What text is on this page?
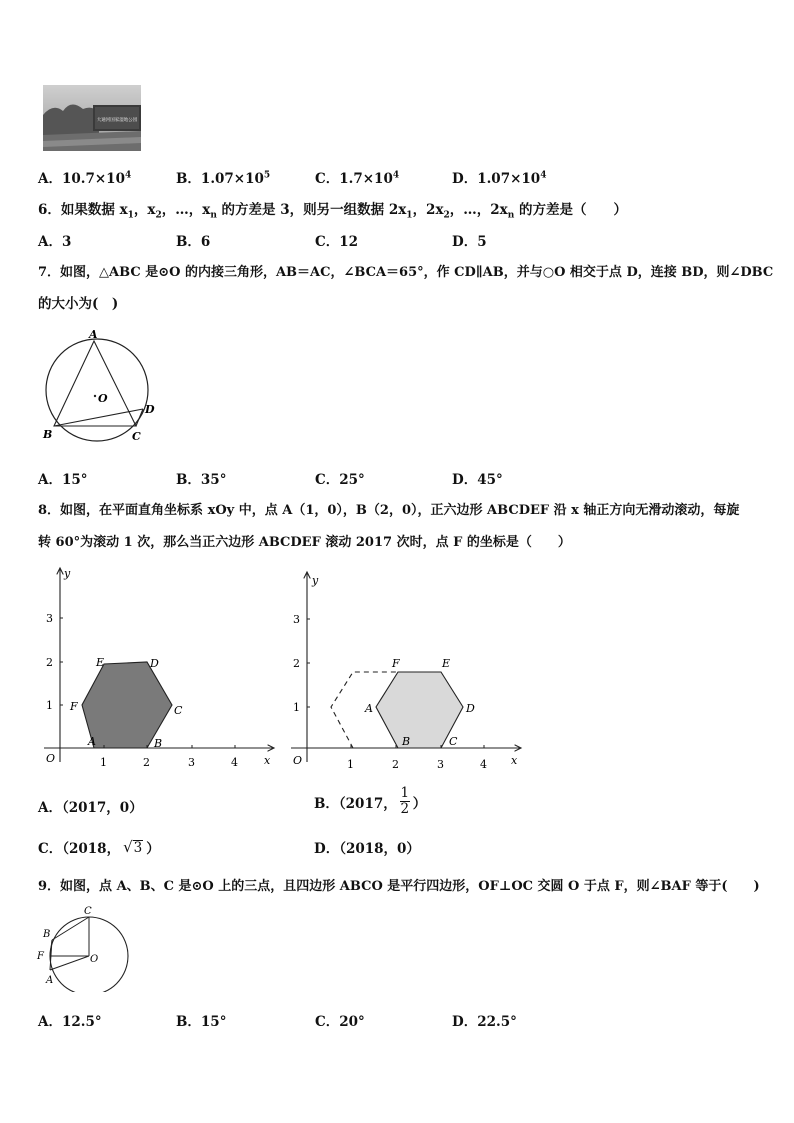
大通河国家湿地公园
A．$10.7\times 10^4$	B．$1.07\times 10^5$	C．$1.7\times 10^4$	D．$1.07\times 10^4$
6．如果数据 $x_1$，$x_2$，…，$x_n$ 的方差是 3，则另一组数据 $2x_1$，$2x_2$，…，$2x_n$ 的方差是（　　）
A．3	B．6	C．12	D．5
7．如图，△ABC 是⊙O 的内接三角形，AB＝AC，∠BCA＝65°，作 CD∥AB，并与○O 相交于点 D，连接 BD，则∠DBC
的大小为(　)
A
O
D
B	C
A．15°	B．35°	C．25°	D．45°
8．如图，在平面直角坐标系 xOy 中，点 A（1，0），B（2，0），正六边形 ABCDEF 沿 x 轴正方向无滑动滚动，每旋
转 60°为滚动 1 次，那么当正六边形 ABCDEF 滚动 2017 次时，点 F 的坐标是（　　）
y
x
O	1	2	3	4
1
2
3
A	B
C
D
E
F
y
x
O	1	2	3	4
1
2
3
A
B	C
D
E
F
A．（2017，0）	B．（2017，
1
2 ）
C．（2018， √ 3 ）	D．（2018，0）
9．如图，点 A、B、C 是⊙O 上的三点，且四边形 ABCO 是平行四边形，OF⊥OC 交圆 O 于点 F，则∠BAF 等于(　　)
C
B
F	O
A
A．12.5°	B．15°	C．20°	D．22.5°
